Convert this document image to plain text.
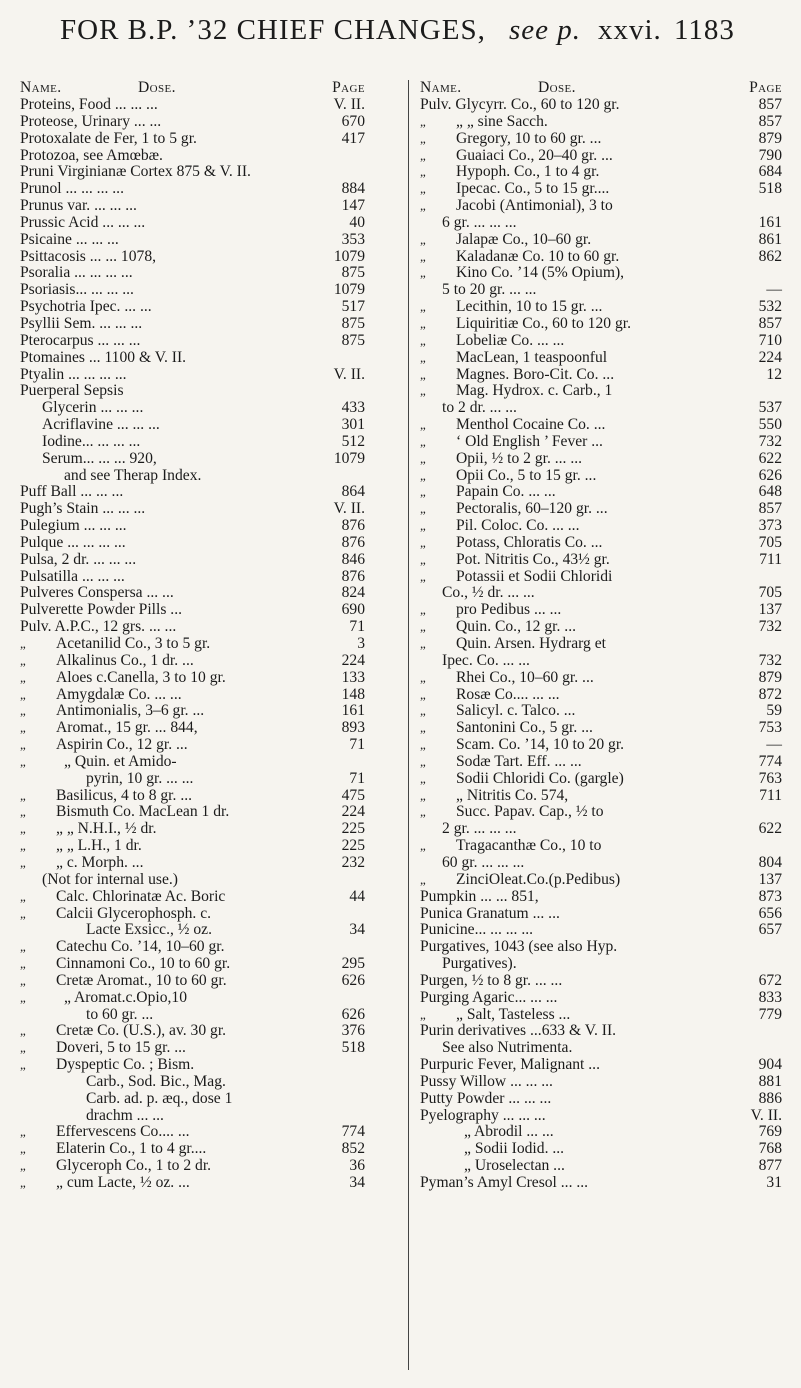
FOR B.P. ’32 CHIEF CHANGES, see p. xxvi. 1183
Name.	Dose.	Page
Proteins, Food ... ... ...	V. II.
Proteose, Urinary ... ...	670
Protoxalate de Fer, 1 to 5 gr.	417
Protozoa, see Amœbæ.
Pruni Virginianæ Cortex 875 & V. II.
Prunol ... ... ... ...	884
Prunus var. ... ... ...	147
Prussic Acid ... ... ...	40
Psicaine ... ... ...	353
Psittacosis ... ... 1078,	1079
Psoralia ... ... ... ...	875
Psoriasis... ... ... ...	1079
Psychotria Ipec. ... ...	517
Psyllii Sem. ... ... ...	875
Pterocarpus ... ... ...	875
Ptomaines ... 1100 & V. II.
Ptyalin ... ... ... ...	V. II.
Puerperal Sepsis
Glycerin ... ... ...	433
Acriflavine ... ... ...	301
Iodine... ... ... ...	512
Serum... ... ... 920,	1079
and see Therap Index.
Puff Ball ... ... ...	864
Pugh’s Stain ... ... ...	V. II.
Pulegium ... ... ...	876
Pulque ... ... ... ...	876
Pulsa, 2 dr. ... ... ...	846
Pulsatilla ... ... ...	876
Pulveres Conspersa ... ...	824
Pulverette Powder Pills ...	690
Pulv. A.P.C., 12 grs. ... ...	71
„ Acetanilid Co., 3 to 5 gr.	3
„ Alkalinus Co., 1 dr. ...	224
„ Aloes c.Canella, 3 to 10 gr.	133
„ Amygdalæ Co. ... ...	148
„ Antimonialis, 3–6 gr. ...	161
„ Aromat., 15 gr. ... 844,	893
„ Aspirin Co., 12 gr. ...	71
„ „ Quin. et Amido-
pyrin, 10 gr. ... ...	71
„ Basilicus, 4 to 8 gr. ...	475
„ Bismuth Co. MacLean 1 dr.	224
„ „ „ N.H.I., ½ dr.	225
„ „ „ L.H., 1 dr.	225
„ „ c. Morph. ...	232
(Not for internal use.)
„ Calc. Chlorinatæ Ac. Boric	44
„ Calcii Glycerophosph. c.
Lacte Exsicc., ½ oz.	34
„ Catechu Co. ’14, 10–60 gr.
„ Cinnamoni Co., 10 to 60 gr.	295
„ Cretæ Aromat., 10 to 60 gr.	626
„ „ Aromat.c.Opio,10
to 60 gr. ...	626
„ Cretæ Co. (U.S.), av. 30 gr.	376
„ Doveri, 5 to 15 gr. ...	518
„ Dyspeptic Co. ; Bism.
Carb., Sod. Bic., Mag.
Carb. ad. p. æq., dose 1
drachm ... ...
„ Effervescens Co.... ...	774
„ Elaterin Co., 1 to 4 gr....	852
„ Glyceroph Co., 1 to 2 dr.	36
„ „ cum Lacte, ½ oz. ...	34
Name.	Dose.	Page
Pulv. Glycyrr. Co., 60 to 120 gr.	857
„ „ „ sine Sacch.	857
„ Gregory, 10 to 60 gr. ...	879
„ Guaiaci Co., 20–40 gr. ...	790
„ Hypoph. Co., 1 to 4 gr.	684
„ Ipecac. Co., 5 to 15 gr....	518
„ Jacobi (Antimonial), 3 to
6 gr. ... ... ...	161
„ Jalapæ Co., 10–60 gr.	861
„ Kaladanæ Co. 10 to 60 gr.	862
„ Kino Co. ’14 (5% Opium),
5 to 20 gr. ... ...	—
„ Lecithin, 10 to 15 gr. ...	532
„ Liquiritiæ Co., 60 to 120 gr.	857
„ Lobeliæ Co. ... ...	710
„ MacLean, 1 teaspoonful	224
„ Magnes. Boro-Cit. Co. ...	12
„ Mag. Hydrox. c. Carb., 1
to 2 dr. ... ...	537
„ Menthol Cocaine Co. ...	550
„ ‘ Old English ’ Fever ...	732
„ Opii, ½ to 2 gr. ... ...	622
„ Opii Co., 5 to 15 gr. ...	626
„ Papain Co. ... ...	648
„ Pectoralis, 60–120 gr. ...	857
„ Pil. Coloc. Co. ... ...	373
„ Potass, Chloratis Co. ...	705
„ Pot. Nitritis Co., 43½ gr.	711
„ Potassii et Sodii Chloridi
Co., ½ dr. ... ...	705
„ pro Pedibus ... ...	137
„ Quin. Co., 12 gr. ...	732
„ Quin. Arsen. Hydrarg et
Ipec. Co. ... ...	732
„ Rhei Co., 10–60 gr. ...	879
„ Rosæ Co.... ... ...	872
„ Salicyl. c. Talco. ...	59
„ Santonini Co., 5 gr. ...	753
„ Scam. Co. ’14, 10 to 20 gr.	—
„ Sodæ Tart. Eff. ... ...	774
„ Sodii Chloridi Co. (gargle)	763
„ „ Nitritis Co. 574,	711
„ Succ. Papav. Cap., ½ to
2 gr. ... ... ...	622
„ Tragacanthæ Co., 10 to
60 gr. ... ... ...	804
„ ZinciOleat.Co.(p.Pedibus)	137
Pumpkin ... ... 851,	873
Punica Granatum ... ...	656
Punicine... ... ... ...	657
Purgatives, 1043 (see also Hyp.
Purgatives).
Purgen, ½ to 8 gr. ... ...	672
Purging Agaric... ... ...	833
„ „ Salt, Tasteless ...	779
Purin derivatives ...633 & V. II.
See also Nutrimenta.
Purpuric Fever, Malignant ...	904
Pussy Willow ... ... ...	881
Putty Powder ... ... ...	886
Pyelography ... ... ...	V. II.
„ Abrodil ... ...	769
„ Sodii Iodid. ...	768
„ Uroselectan ...	877
Pyman’s Amyl Cresol ... ...	31
